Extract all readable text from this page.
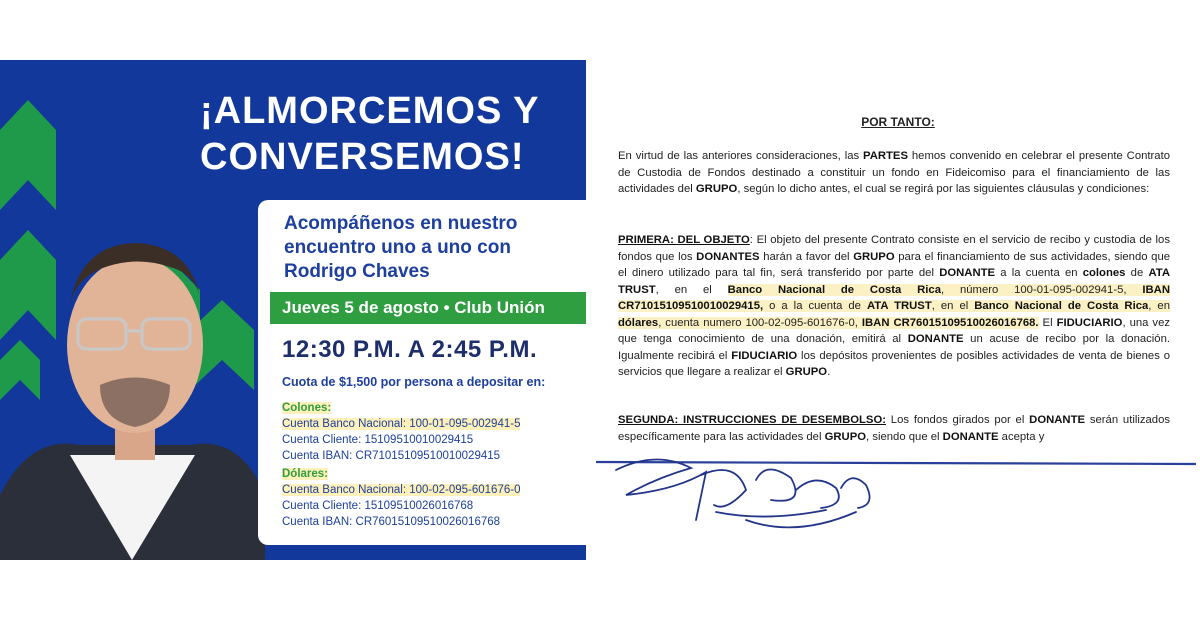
¡ALMORCEMOS Y
CONVERSEMOS!
Acompáñenos en nuestro
encuentro uno a uno con
Rodrigo Chaves
Jueves 5 de agosto • Club Unión
12:30 P.M. A 2:45 P.M.
Cuota de $1,500 por persona a depositar en:
Colones:
Cuenta Banco Nacional: 100-01-095-002941-5
Cuenta Cliente: 15109510010029415
Cuenta IBAN: CR71015109510010029415
Dólares:
Cuenta Banco Nacional: 100-02-095-601676-0
Cuenta Cliente: 15109510026016768
Cuenta IBAN: CR76015109510026016768
POR TANTO:
En virtud de las anteriores consideraciones, las PARTES hemos convenido en celebrar el presente Contrato de Custodia de Fondos destinado a constituir un fondo en Fideicomiso para el financiamiento de las actividades del GRUPO, según lo dicho antes, el cual se regirá por las siguientes cláusulas y condiciones:
PRIMERA: DEL OBJETO: El objeto del presente Contrato consiste en el servicio de recibo y custodia de los fondos que los DONANTES harán a favor del GRUPO para el financiamiento de sus actividades, siendo que el dinero utilizado para tal fin, será transferido por parte del DONANTE a la cuenta en colones de ATA TRUST, en el Banco Nacional de Costa Rica, número 100-01-095-002941-5, IBAN CR71015109510010029415, o a la cuenta de ATA TRUST, en el Banco Nacional de Costa Rica, en dólares, cuenta numero 100-02-095-601676-0, IBAN CR76015109510026016768. El FIDUCIARIO, una vez que tenga conocimiento de una donación, emitirá al DONANTE un acuse de recibo por la donación. Igualmente recibirá el FIDUCIARIO los depósitos provenientes de posibles actividades de venta de bienes o servicios que llegare a realizar el GRUPO.
SEGUNDA: INSTRUCCIONES DE DESEMBOLSO: Los fondos girados por el DONANTE serán utilizados específicamente para las actividades del GRUPO, siendo que el DONANTE acepta y
